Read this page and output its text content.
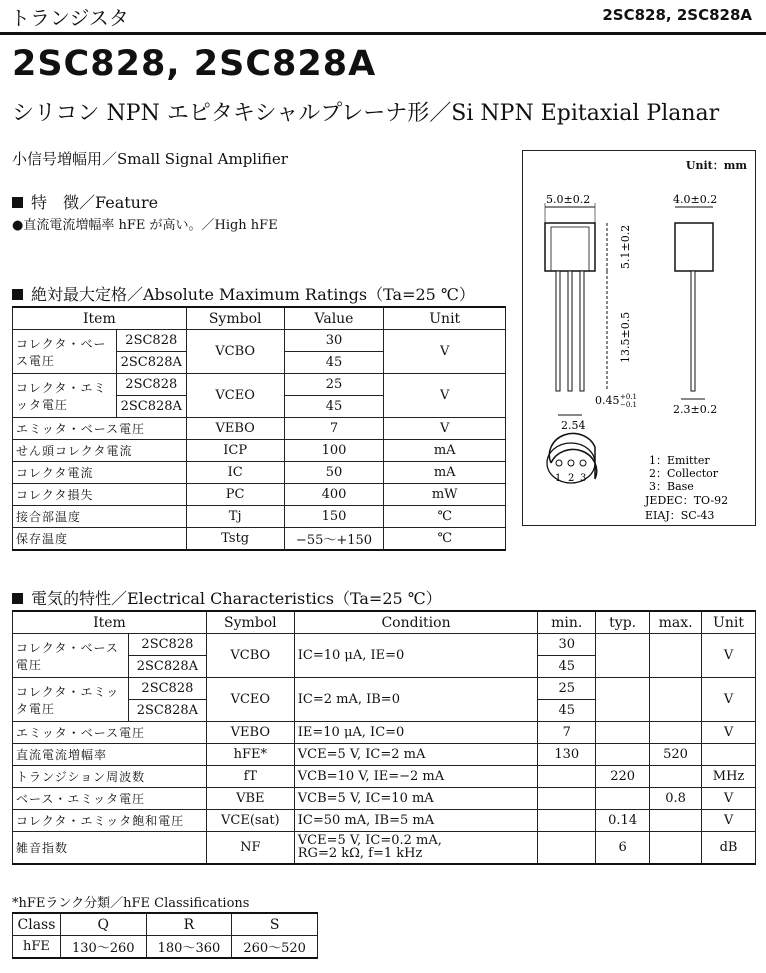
トランジスタ	2SC828, 2SC828A
2SC828, 2SC828A
シリコン NPN エピタキシャルプレーナ形／Si NPN Epitaxial Planar
小信号増幅用／Small Signal Amplifier
特　徴／Feature
●直流電流増幅率 hFE が高い。／High hFE
絶対最大定格／Absolute Maximum Ratings（Ta=25 ℃）
Item		Symbol	Value	Unit
コレクタ・ベース電圧	2SC828	VCBO	30	V
	2SC828A		45	
コレクタ・エミッタ電圧	2SC828	VCEO	25	V
	2SC828A		45	
エミッタ・ベース電圧		VEBO	7	V
せん頭コレクタ電流		ICP	100	mA
コレクタ電流		IC	50	mA
コレクタ損失		PC	400	mW
接合部温度		Tj	150	℃
保存温度		Tstg	−55～+150	℃
Unit：mm
5.0±0.2
5.1±0.2
13.5±0.5
0.45 +0.1
−0.1
2.54
4.0±0.2
2.3±0.2
1 2 3
1：Emitter
2：Collector
3：Base
JEDEC：TO-92
EIAJ：SC-43
電気的特性／Electrical Characteristics（Ta=25 ℃）
Item		Symbol	Condition	min.	typ.	max.	Unit
コレクタ・ベース電圧	2SC828	VCBO	IC=10 μA, IE=0	30			V
	2SC828A			45			
コレクタ・エミッタ電圧	2SC828	VCEO	IC=2 mA, IB=0	25			V
	2SC828A			45			
エミッタ・ベース電圧		VEBO	IE=10 μA, IC=0	7			V
直流電流増幅率		hFE*	VCE=5 V, IC=2 mA	130		520	
トランジション周波数		fT	VCB=10 V, IE=−2 mA		220		MHz
ベース・エミッタ電圧		VBE	VCB=5 V, IC=10 mA			0.8	V
コレクタ・エミッタ飽和電圧		VCE(sat)	IC=50 mA, IB=5 mA		0.14		V
雑音指数		NF	VCE=5 V, IC=0.2 mA,
RG=2 kΩ, f=1 kHz		6		dB
*hFEランク分類／hFE Classifications
Class	Q	R	S
hFE	130～260	180～360	260～520
